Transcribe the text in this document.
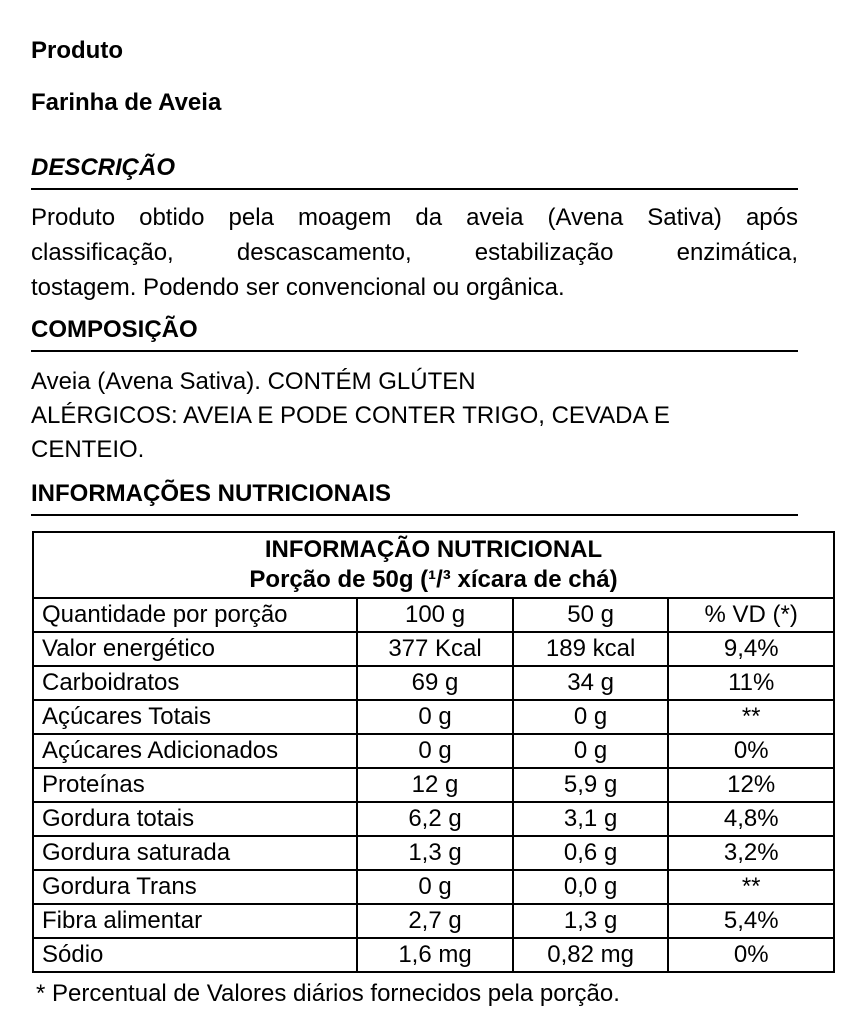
Produto
Farinha de Aveia
DESCRIÇÃO
Produto obtido pela moagem da aveia (Avena Sativa) após
classificação, descascamento, estabilização enzimática,
tostagem. Podendo ser convencional ou orgânica.
COMPOSIÇÃO
Aveia (Avena Sativa). CONTÉM GLÚTEN
ALÉRGICOS: AVEIA E PODE CONTER TRIGO, CEVADA E
CENTEIO.
INFORMAÇÕES NUTRICIONAIS
INFORMAÇÃO NUTRICIONAL
Porção de 50g (¹/³ xícara de chá)			

Quantidade por porção	100 g	50 g	% VD (*)
Valor energético	377 Kcal	189 kcal	9,4%
Carboidratos	69 g	34 g	11%
Açúcares Totais	0 g	0 g	**
Açúcares Adicionados	0 g	0 g	0%
Proteínas	12 g	5,9 g	12%
Gordura totais	6,2 g	3,1 g	4,8%
Gordura saturada	1,3 g	0,6 g	3,2%
Gordura Trans	0 g	0,0 g	**
Fibra alimentar	2,7 g	1,3 g	5,4%
Sódio	1,6 mg	0,82 mg	0%
* Percentual de Valores diários fornecidos pela porção.
